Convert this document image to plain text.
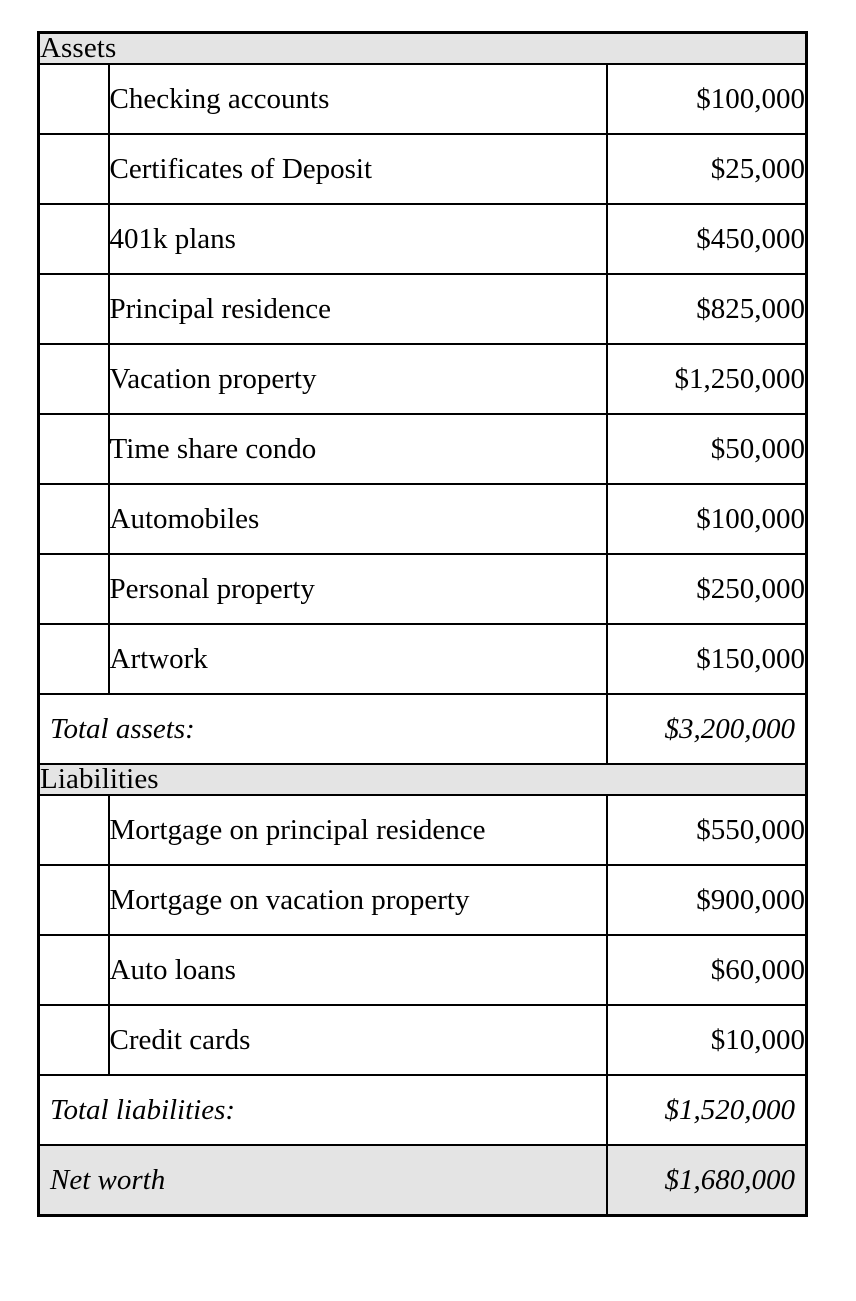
Assets		
	Checking accounts	$100,000
	Certificates of Deposit	$25,000
	401k plans	$450,000
	Principal residence	$825,000
	Vacation property	$1,250,000
	Time share condo	$50,000
	Automobiles	$100,000
	Personal property	$250,000
	Artwork	$150,000
Total assets:		$3,200,000
Liabilities		
	Mortgage on principal residence	$550,000
	Mortgage on vacation property	$900,000
	Auto loans	$60,000
	Credit cards	$10,000
Total liabilities:		$1,520,000
Net worth		$1,680,000
